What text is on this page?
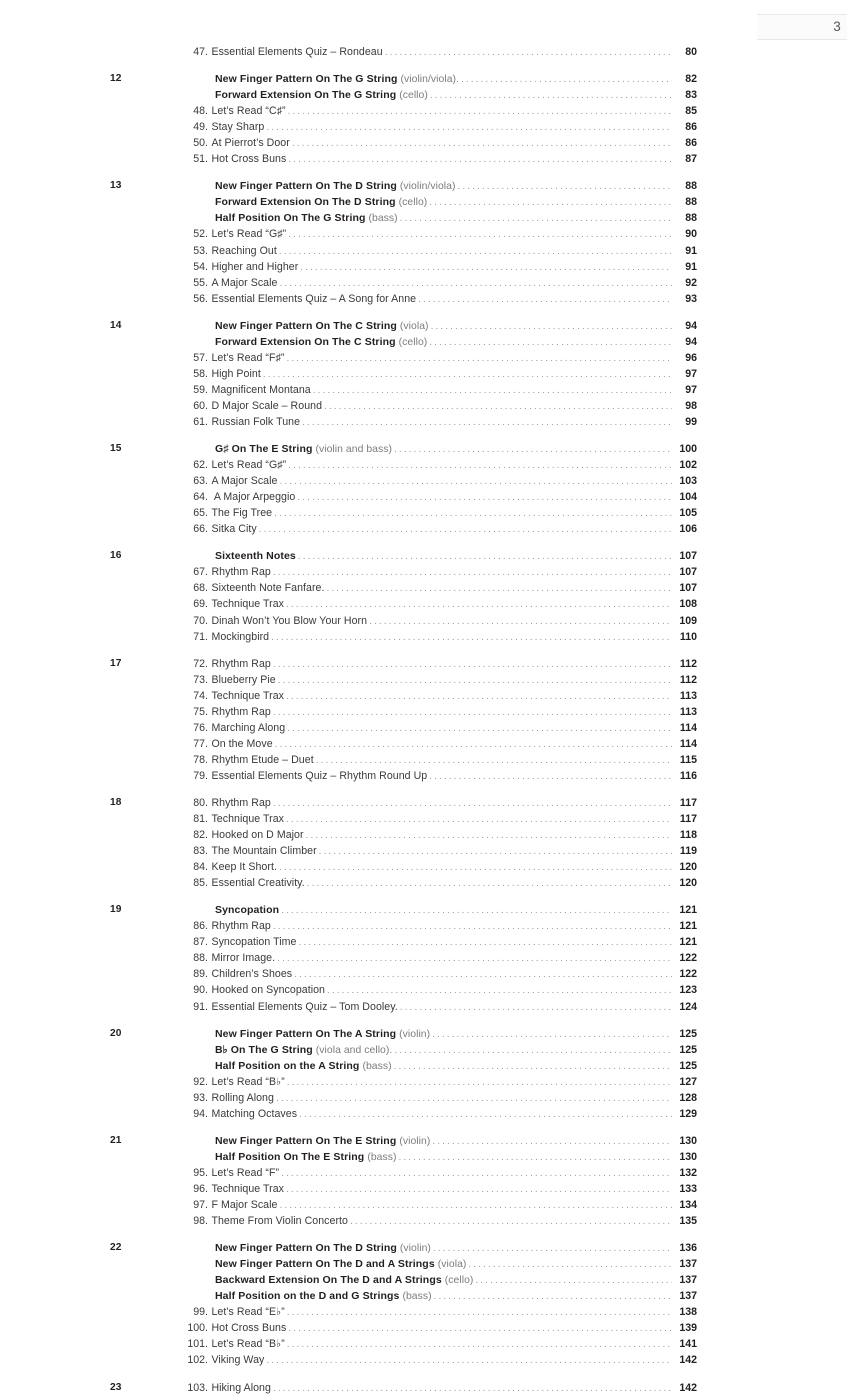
3
47 . Essential Elements Quiz – Rondeau .....	80
12	New Finger Pattern On The G String (violin/viola). .....	82
Forward Extension On The G String (cello) .....	83
48 . Let’s Read “C♯” .....	85
49 . Stay Sharp .....	86
50 . At Pierrot’s Door .....	86
51 . Hot Cross Buns .....	87
13	New Finger Pattern On The D String (violin/viola) .....	88
Forward Extension On The D String (cello) .....	88
Half Position On The G String (bass) .....	88
52 . Let’s Read “G♯” .....	90
53 . Reaching Out .....	91
54 . Higher and Higher .....	91
55 . A Major Scale .....	92
56 . Essential Elements Quiz – A Song for Anne .....	93
14	New Finger Pattern On The C String (viola) .....	94
Forward Extension On The C String (cello) .....	94
57 . Let’s Read “F♯” .....	96
58 . High Point .....	97
59 . Magnificent Montana .....	97
60 . D Major Scale – Round .....	98
61 . Russian Folk Tune .....	99
15	G♯ On The E String (violin and bass) .....	100
62 . Let’s Read “G♯” .....	102
63 . A Major Scale .....	103
64 . A Major Arpeggio .....	104
65 . The Fig Tree .....	105
66 . Sitka City .....	106
16	Sixteenth Notes .....	107
67 . Rhythm Rap .....	107
68 . Sixteenth Note Fanfare. .....	107
69 . Technique Trax .....	108
70 . Dinah Won’t You Blow Your Horn .....	109
71 . Mockingbird .....	110
17	72 . Rhythm Rap .....	112
73 . Blueberry Pie .....	112
74 . Technique Trax .....	113
75 . Rhythm Rap .....	113
76 . Marching Along .....	114
77 . On the Move .....	114
78 . Rhythm Etude – Duet .....	115
79 . Essential Elements Quiz – Rhythm Round Up .....	116
18	80 . Rhythm Rap .....	117
81 . Technique Trax .....	117
82 . Hooked on D Major .....	118
83 . The Mountain Climber .....	119
84 . Keep It Short. .....	120
85 . Essential Creativity. .....	120
19	Syncopation .....	121
86 . Rhythm Rap .....	121
87 . Syncopation Time .....	121
88 . Mirror Image. .....	122
89 . Children’s Shoes .....	122
90 . Hooked on Syncopation .....	123
91 . Essential Elements Quiz – Tom Dooley. .....	124
20	New Finger Pattern On The A String (violin) .....	125
B♭ On The G String (viola and cello). .....	125
Half Position on the A String (bass) .....	125
92 . Let’s Read “B♭” .....	127
93 . Rolling Along .....	128
94 . Matching Octaves .....	129
21	New Finger Pattern On The E String (violin) .....	130
Half Position On The E String (bass) .....	130
95 . Let’s Read “F” .....	132
96 . Technique Trax .....	133
97 . F Major Scale .....	134
98 . Theme From Violin Concerto .....	135
22	New Finger Pattern On The D String (violin) .....	136
New Finger Pattern On The D and A Strings (viola) .....	137
Backward Extension On The D and A Strings (cello) .....	137
Half Position on the D and G Strings (bass) .....	137
99 . Let’s Read “E♭” .....	138
100 . Hot Cross Buns .....	139
101 . Let’s Read “B♭” .....	141
102 . Viking Way .....	142
23	103 . Hiking Along .....	142
